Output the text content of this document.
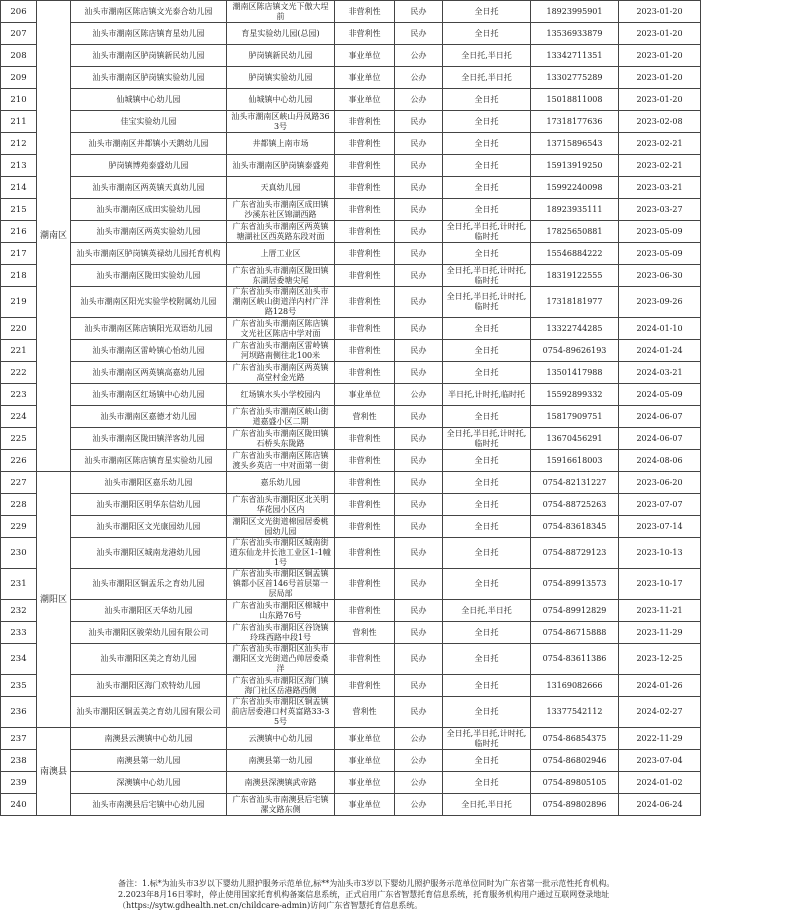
206	潮南区	汕头市潮南区陈店镇文光泰合幼儿园	潮南区陈店镇文光下傲大埕前	非营利性	民办	全日托	18923995901	2023-01-20
207		汕头市潮南区陈店镇育星幼儿园	育星实验幼儿园(总园)	非营利性	民办	全日托	13536933879	2023-01-20
208		汕头市潮南区胪岗镇新民幼儿园	胪岗镇新民幼儿园	事业单位	公办	全日托,半日托	13342711351	2023-01-20
209		汕头市潮南区胪岗镇实验幼儿园	胪岗镇实验幼儿园	事业单位	公办	全日托,半日托	13302775289	2023-01-20
210		仙城镇中心幼儿园	仙城镇中心幼儿园	事业单位	公办	全日托	15018811008	2023-01-20
211		佳宝实验幼儿园	汕头市潮南区峡山丹凤路363号	非营利性	民办	全日托	17318177636	2023-02-08
212		汕头市潮南区井都镇小天鹅幼儿园	井都镇上南市场	非营利性	民办	全日托	13715896543	2023-02-21
213		胪岗镇博苑泰盛幼儿园	汕头市潮南区胪岗镇泰盛苑	非营利性	民办	全日托	15913919250	2023-02-21
214		汕头市潮南区两英镇天真幼儿园	天真幼儿园	非营利性	民办	全日托	15992240098	2023-03-21
215		汕头市潮南区成田实验幼儿园	广东省汕头市潮南区成田镇沙溪东社区锦湖西路	非营利性	民办	全日托	18923935111	2023-03-27
216		汕头市潮南区两英实验幼儿园	广东省汕头市潮南区两英镇塘湖社区西英路东段对面	非营利性	民办	全日托,半日托,计时托,临时托	17825650881	2023-05-09
217		汕头市潮南区胪岗镇英禄幼儿园托育机构	上厝工业区	非营利性	民办	全日托	15546884222	2023-05-09
218		汕头市潮南区陇田实验幼儿园	广东省汕头市潮南区陇田镇东湖居委塘尖尾	非营利性	民办	全日托,半日托,计时托,临时托	18319122555	2023-06-30
219		汕头市潮南区阳光实验学校附属幼儿园	广东省汕头市潮南区汕头市潮南区峡山街道洋内村广洋路128号	非营利性	民办	全日托,半日托,计时托,临时托	17318181977	2023-09-26
220		汕头市潮南区陈店镇阳光双语幼儿园	广东省汕头市潮南区陈店镇文光社区陈店中学对面	非营利性	民办	全日托	13322744285	2024-01-10
221		汕头市潮南区雷岭镇心怡幼儿园	广东省汕头市潮南区雷岭镇河坝路南侧往北100米	非营利性	民办	全日托	0754-89626193	2024-01-24
222		汕头市潮南区两英镇高嘉幼儿园	广东省汕头市潮南区两英镇高堂村金光路	非营利性	民办	全日托	13501417988	2024-03-21
223		汕头市潮南区红场镇中心幼儿园	红场镇水头小学校园内	事业单位	公办	半日托,计时托,临时托	15592899332	2024-05-09
224		汕头市潮南区嘉德才幼儿园	广东省汕头市潮南区峡山街道嘉盛小区二期	营利性	民办	全日托	15817909751	2024-06-07
225		汕头市潮南区陇田镇洋客幼儿园	广东省汕头市潮南区陇田镇石桥头东陇路	非营利性	民办	全日托,半日托,计时托,临时托	13670456291	2024-06-07
226		汕头市潮南区陈店镇育星实验幼儿园	广东省汕头市潮南区陈店镇渡头乡英店一中对面第一街	非营利性	民办	全日托	15916618003	2024-08-06
227	潮阳区	汕头市潮阳区嘉乐幼儿园	嘉乐幼儿园	非营利性	民办	全日托	0754-82131227	2023-06-20
228		汕头市潮阳区明华东信幼儿园	广东省汕头市潮阳区北关明华花园小区内	非营利性	民办	全日托	0754-88725263	2023-07-07
229		汕头市潮阳区文光康园幼儿园	潮阳区文光街道棉园居委桃园幼儿园	非营利性	民办	全日托	0754-83618345	2023-07-14
230		汕头市潮阳区城南龙港幼儿园	广东省汕头市潮阳区城南街道东仙龙井长池工业区1-1幢1号	非营利性	民办	全日托	0754-88729123	2023-10-13
231		汕头市潮阳区铜盂乐之育幼儿园	广东省汕头市潮阳区铜盂镇镇都小区首146号首层第一层局部	非营利性	民办	全日托	0754-89913573	2023-10-17
232		汕头市潮阳区天华幼儿园	广东省汕头市潮阳区棉城中山东路76号	非营利性	民办	全日托,半日托	0754-89912829	2023-11-21
233		汕头市潮阳区骏荣幼儿园有限公司	广东省汕头市潮阳区谷饶镇玲珠西路中段1号	营利性	民办	全日托	0754-86715888	2023-11-29
234		汕头市潮阳区美之育幼儿园	广东省汕头市潮阳区汕头市潮阳区文光街道凸帅居委桑洋	非营利性	民办	全日托	0754-83611386	2023-12-25
235		汕头市潮阳区海门欢特幼儿园	广东省汕头市潮阳区海门镇海门社区岳港路西侧	非营利性	民办	全日托	13169082666	2024-01-26
236		汕头市潮阳区铜盂美之育幼儿园有限公司	广东省汕头市潮阳区铜盂镇前店居委港口村英富路33-35号	营利性	民办	全日托	13377542112	2024-02-27
237	南澳县	南澳县云澳镇中心幼儿园	云澳镇中心幼儿园	事业单位	公办	全日托,半日托,计时托,临时托	0754-86854375	2022-11-29
238		南澳县第一幼儿园	南澳县第一幼儿园	事业单位	公办	全日托	0754-86802946	2023-07-04
239		深澳镇中心幼儿园	南澳县深澳镇武帝路	事业单位	公办	全日托	0754-89805105	2024-01-02
240		汕头市南澳县后宅镇中心幼儿园	广东省汕头市南澳县后宅镇漯文路东侧	事业单位	公办	全日托,半日托	0754-89802896	2024-06-24
备注：1.标*为汕头市3岁以下婴幼儿照护服务示范单位,标**为汕头市3岁以下婴幼儿照护服务示范单位同时为广东省第一批示范性托育机构。
2.2023年8月16日零时，停止使用国家托育机构备案信息系统，正式启用广东省智慧托育信息系统，托育服务机构用户通过互联网登录地址
（https://sytw.gdhealth.net.cn/childcare-admin)访问广东省智慧托育信息系统。
